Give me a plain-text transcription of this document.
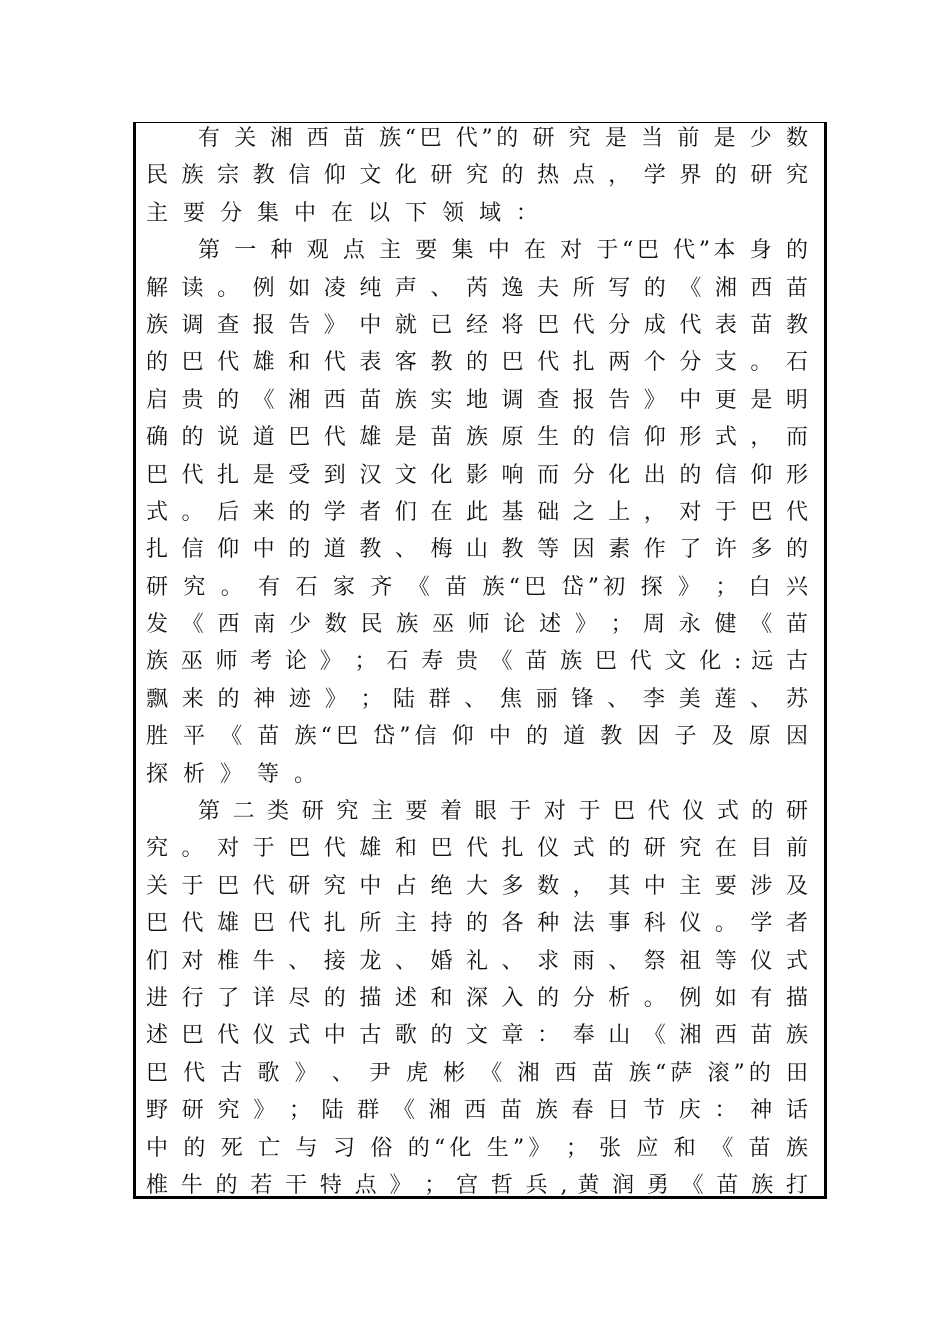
有 关 湘 西 苗 族“巴 代”的 研 究 是 当 前 是 少 数
民 族 宗 教 信 仰 文 化 研 究 的 热 点 ， 学 界 的 研 究
主 要 分 集 中 在 以 下 领 域 ：
第 一 种 观 点 主 要 集 中 在 对 于“巴 代”本 身 的
解 读 。 例 如 凌 纯 声 、 芮 逸 夫 所 写 的 《 湘 西 苗
族 调 查 报 告 》 中 就 已 经 将 巴 代 分 成 代 表 苗 教
的 巴 代 雄 和 代 表 客 教 的 巴 代 扎 两 个 分 支 。 石
启 贵 的 《 湘 西 苗 族 实 地 调 查 报 告 》 中 更 是 明
确 的 说 道 巴 代 雄 是 苗 族 原 生 的 信 仰 形 式 ， 而
巴 代 扎 是 受 到 汉 文 化 影 响 而 分 化 出 的 信 仰 形
式 。 后 来 的 学 者 们 在 此 基 础 之 上 ， 对 于 巴 代
扎 信 仰 中 的 道 教 、 梅 山 教 等 因 素 作 了 许 多 的
研 究 。 有 石 家 齐 《 苗 族“巴 岱”初 探 》 ； 白 兴
发 《 西 南 少 数 民 族 巫 师 论 述 》 ； 周 永 健 《 苗
族 巫 师 考 论 》 ； 石 寿 贵 《 苗 族 巴 代 文 化 : 远 古
飘 来 的 神 迹 》 ； 陆 群 、 焦 丽 锋 、 李 美 莲 、 苏
胜 平 《 苗 族“巴 岱”信 仰 中 的 道 教 因 子 及 原 因
探 析 》 等 。
第 二 类 研 究 主 要 着 眼 于 对 于 巴 代 仪 式 的 研
究 。 对 于 巴 代 雄 和 巴 代 扎 仪 式 的 研 究 在 目 前
关 于 巴 代 研 究 中 占 绝 大 多 数 ， 其 中 主 要 涉 及
巴 代 雄 巴 代 扎 所 主 持 的 各 种 法 事 科 仪 。 学 者
们 对 椎 牛 、 接 龙 、 婚 礼 、 求 雨 、 祭 祖 等 仪 式
进 行 了 详 尽 的 描 述 和 深 入 的 分 析 。 例 如 有 描
述 巴 代 仪 式 中 古 歌 的 文 章 ： 奉 山 《 湘 西 苗 族
巴 代 古 歌 》 、 尹 虎 彬 《 湘 西 苗 族“萨 滚”的 田
野 研 究 》 ； 陆 群 《 湘 西 苗 族 春 日 节 庆 ： 神 话
中 的 死 亡 与 习 俗 的“化 生”》 ； 张 应 和 《 苗 族
椎 牛 的 若 干 特 点 》 ； 宫 哲 兵 , 黄 润 勇 《 苗 族 打
